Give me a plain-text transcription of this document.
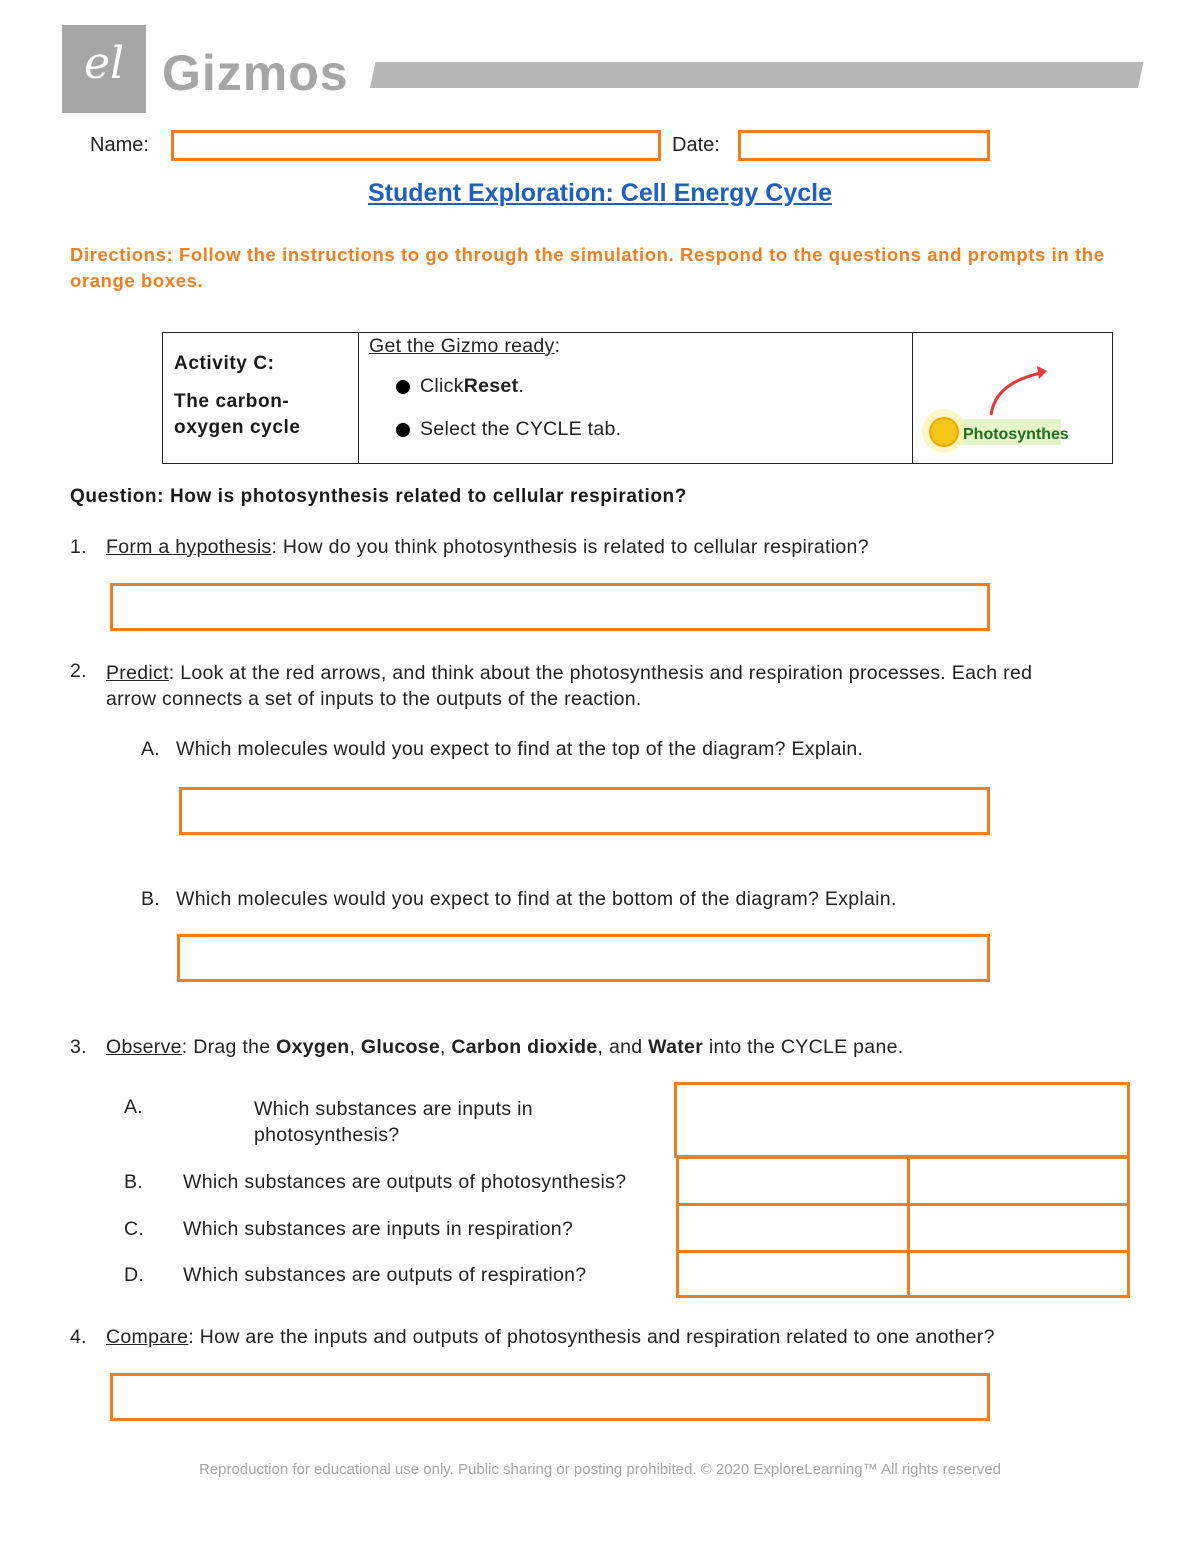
el Gizmos
Name:	Date:
Student Exploration: Cell Energy Cycle
Directions: Follow the instructions to go through the simulation. Respond to the questions and prompts in the orange boxes.
Activity C:
The carbon-
oxygen cycle

Get the Gizmo ready:
Click Reset .
Select the CYCLE tab.	Photosynthes
Question: How is photosynthesis related to cellular respiration?
1. Form a hypothesis: How do you think photosynthesis is related to cellular respiration?
2. Predict: Look at the red arrows, and think about the photosynthesis and respiration processes. Each red
arrow connects a set of inputs to the outputs of the reaction.
A. Which molecules would you expect to find at the top of the diagram? Explain.
B. Which molecules would you expect to find at the bottom of the diagram? Explain.
3. Observe: Drag the Oxygen, Glucose, Carbon dioxide, and Water into the CYCLE pane.
A.	Which substances are inputs in
photosynthesis?
B. Which substances are outputs of photosynthesis?
C. Which substances are inputs in respiration?
D. Which substances are outputs of respiration?
4. Compare: How are the inputs and outputs of photosynthesis and respiration related to one another?
Reproduction for educational use only. Public sharing or posting prohibited. © 2020 ExploreLearning™ All rights reserved
